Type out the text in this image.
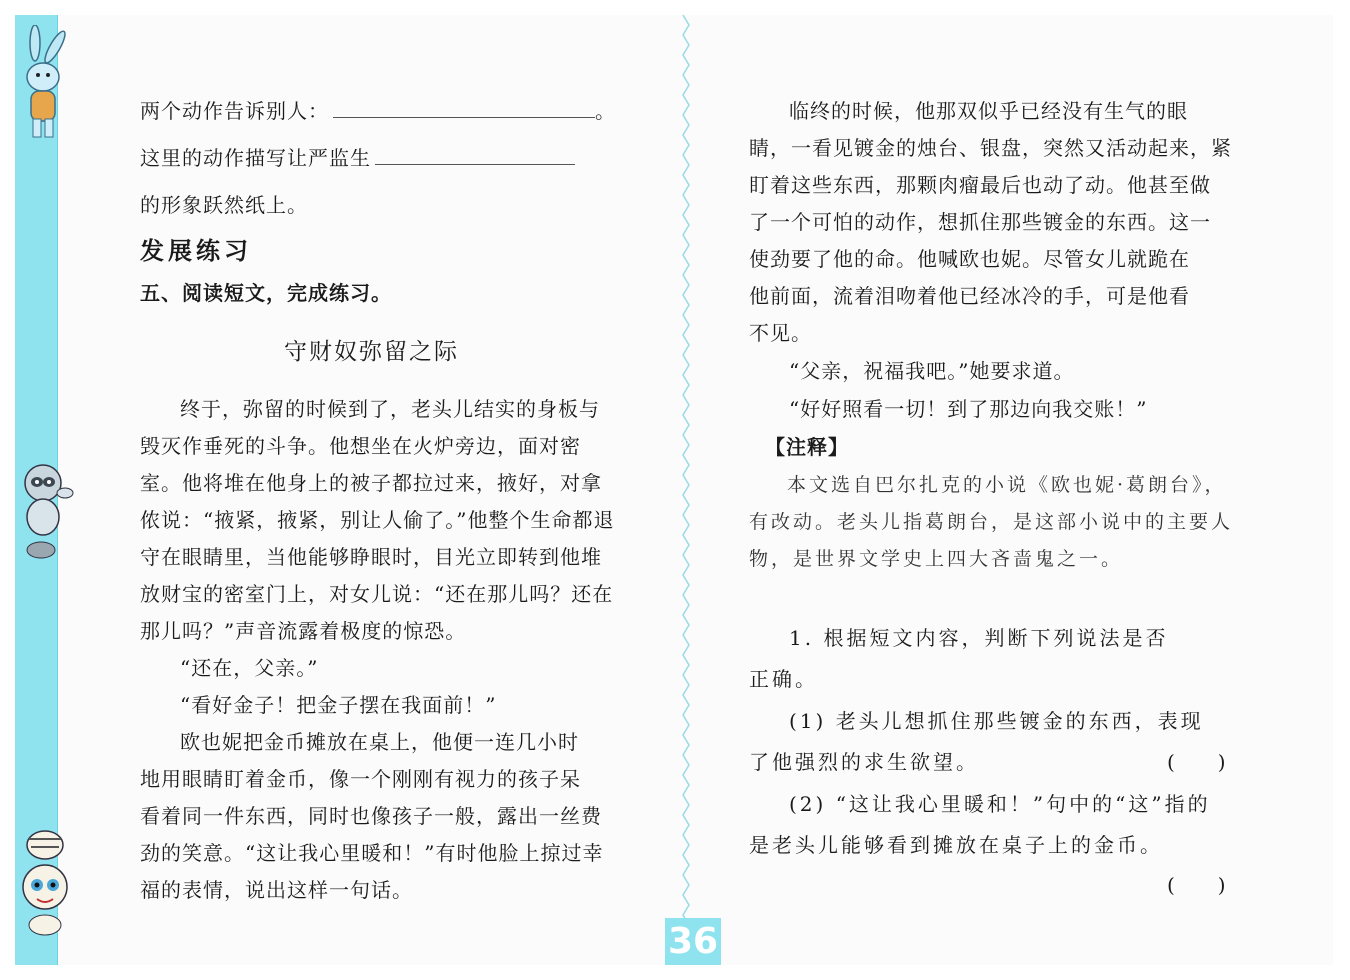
两个动作告诉别人：	。
这里的动作描写让严监生
的形象跃然纸上。
发展练习
五、阅读短文，完成练习。
守财奴弥留之际
终于，弥留的时候到了，老头儿结实的身板与
毁灭作垂死的斗争。他想坐在火炉旁边，面对密
室。他将堆在他身上的被子都拉过来，掖好，对拿
侬说：“掖紧，掖紧，别让人偷了。”他整个生命都退
守在眼睛里，当他能够睁眼时，目光立即转到他堆
放财宝的密室门上，对女儿说：“还在那儿吗？还在
那儿吗？”声音流露着极度的惊恐。
“还在，父亲。”
“看好金子！把金子摆在我面前！”
欧也妮把金币摊放在桌上，他便一连几小时
地用眼睛盯着金币，像一个刚刚有视力的孩子呆
看着同一件东西，同时也像孩子一般，露出一丝费
劲的笑意。“这让我心里暖和！”有时他脸上掠过幸
福的表情，说出这样一句话。
临终的时候，他那双似乎已经没有生气的眼
睛，一看见镀金的烛台、银盘，突然又活动起来，紧
盯着这些东西，那颗肉瘤最后也动了动。他甚至做
了一个可怕的动作，想抓住那些镀金的东西。这一
使劲要了他的命。他喊欧也妮。尽管女儿就跪在
他前面，流着泪吻着他已经冰冷的手，可是他看
不见。
“父亲，祝福我吧。”她要求道。
“好好照看一切！到了那边向我交账！”
【注释】
本文选自巴尔扎克的小说《欧也妮·葛朗台》，
有改动。老头儿指葛朗台，是这部小说中的主要人
物，是世界文学史上四大吝啬鬼之一。
1. 根据短文内容，判断下列说法是否
正确。
(1) 老头儿想抓住那些镀金的东西，表现
了他强烈的求生欲望。	(　　)
(2) “这让我心里暖和！”句中的“这”指的
是老头儿能够看到摊放在桌子上的金币。
(　　)
36
